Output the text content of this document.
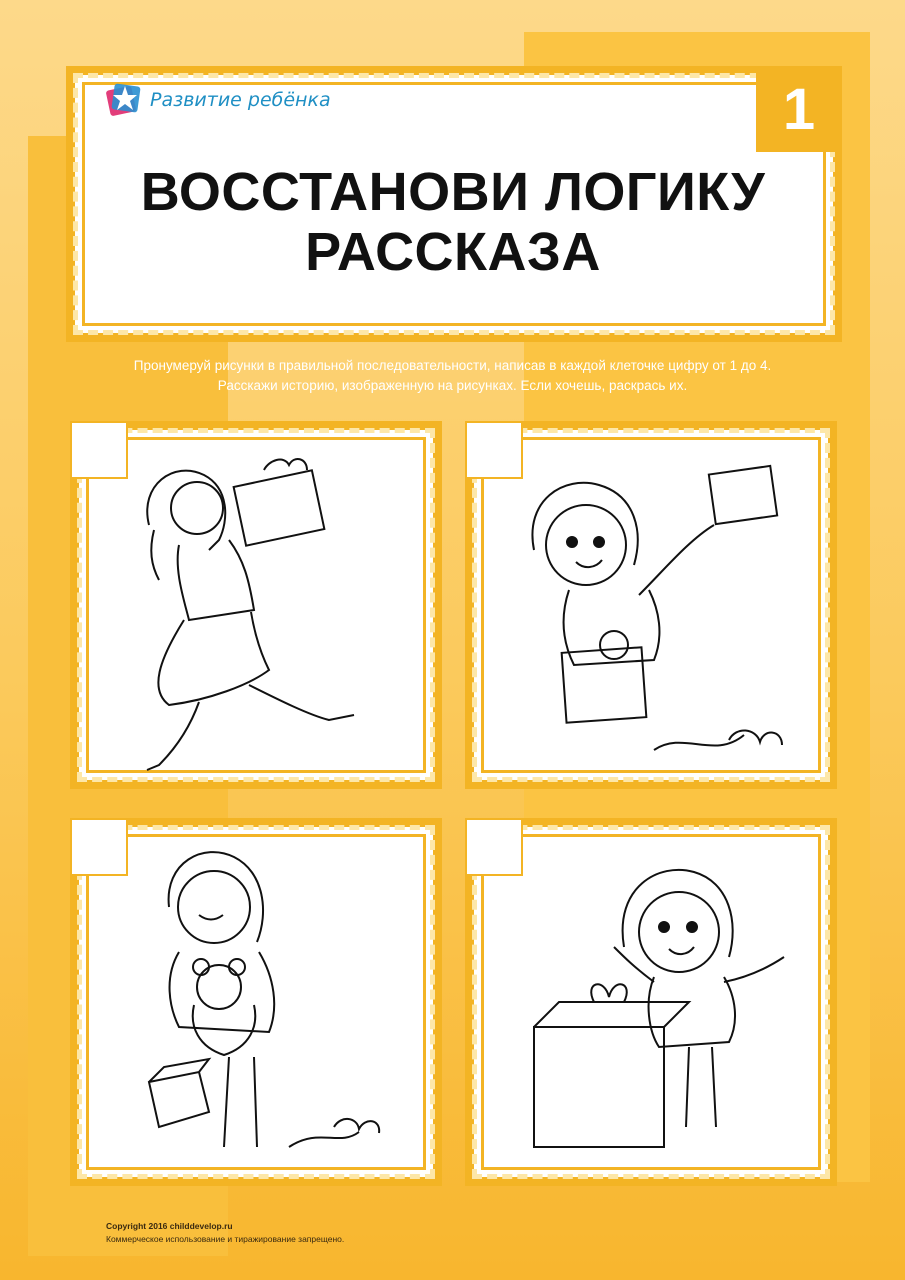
Развитие ребёнка	1
ВОССТАНОВИ ЛОГИКУ
РАССКАЗА
Пронумеруй рисунки в правильной последовательности, написав в каждой клеточке цифру от 1 до 4.
Расскажи историю, изображенную на рисунках. Если хочешь, раскрась их.
Copyright 2016 childdevelop.ru
Коммерческое использование и тиражирование запрещено.
